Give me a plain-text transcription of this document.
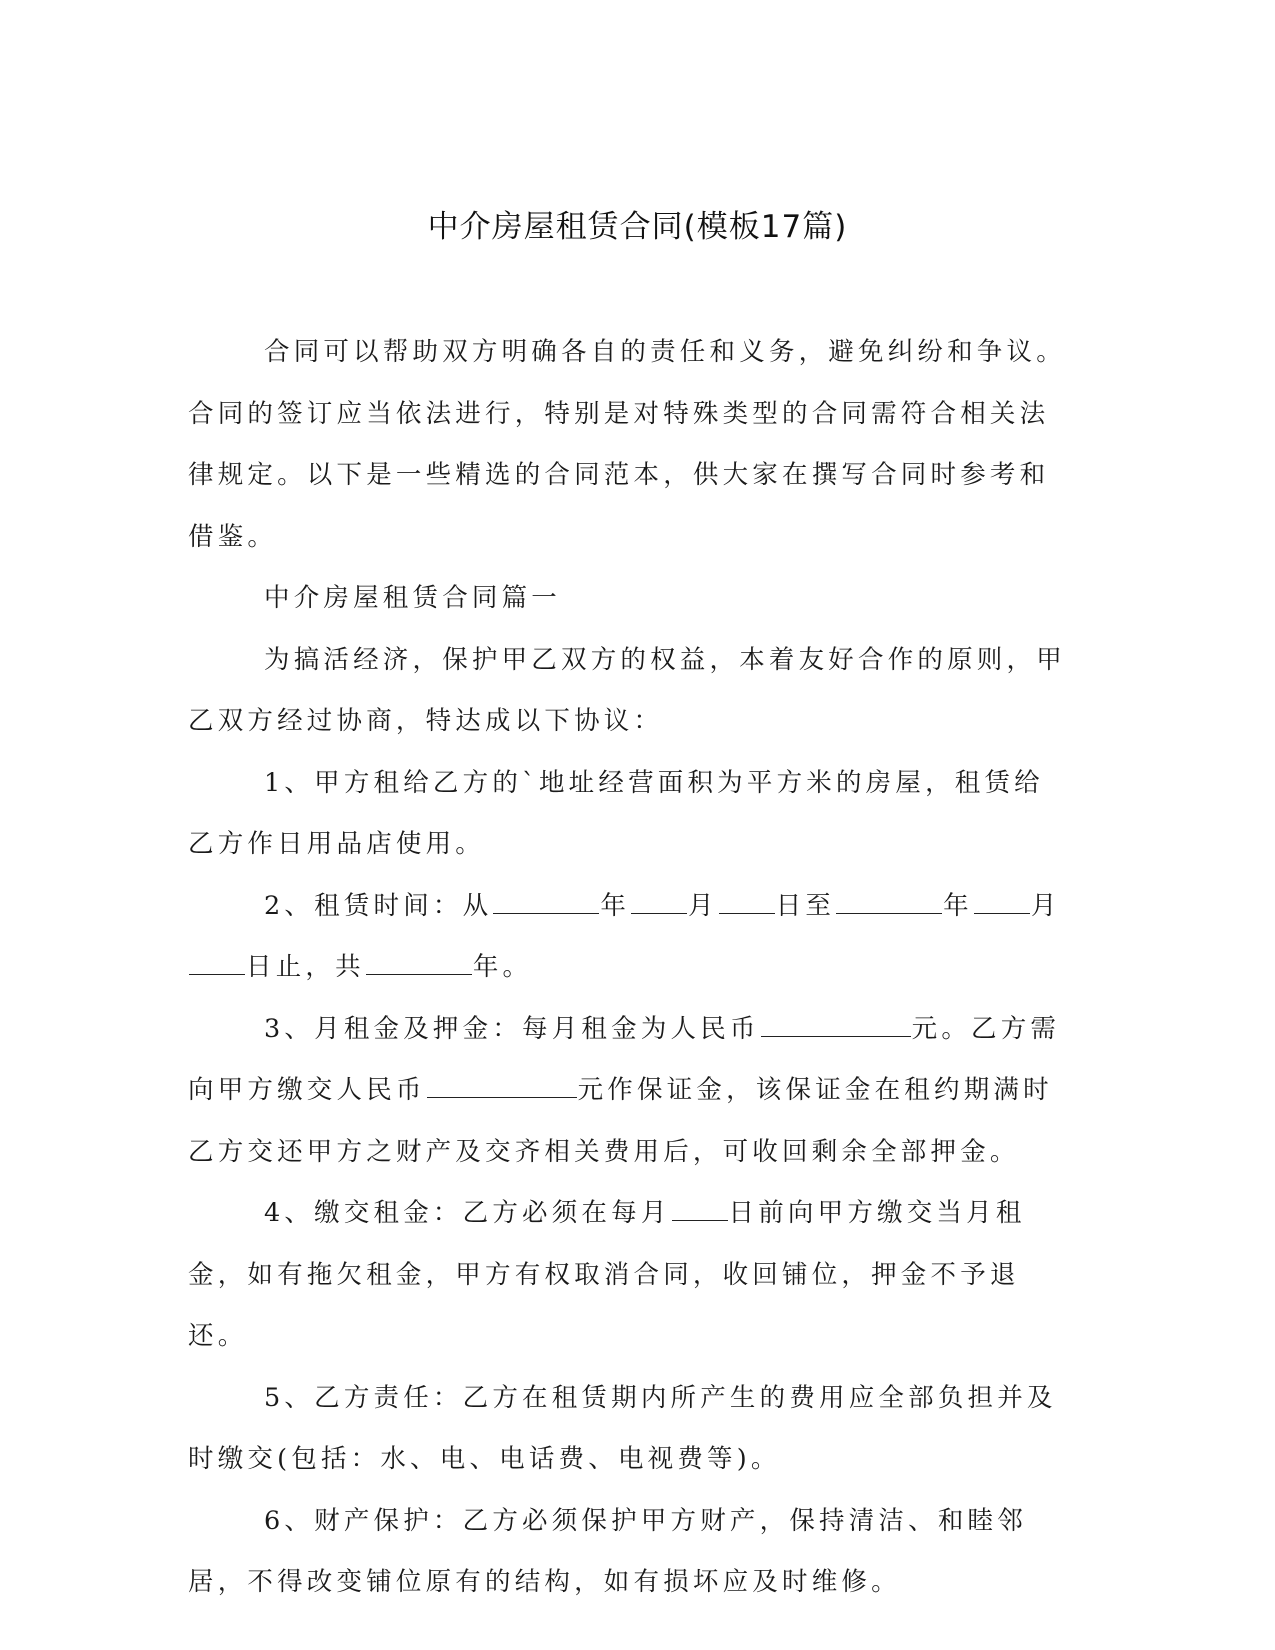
中介房屋租赁合同(模板17篇)

合同可以帮助双方明确各自的责任和义务，避免纠纷和争议。合同的签订应当依法进行，特别是对特殊类型的合同需符合相关法律规定。以下是一些精选的合同范本，供大家在撰写合同时参考和借鉴。

中介房屋租赁合同篇一

为搞活经济，保护甲乙双方的权益，本着友好合作的原则，甲乙双方经过协商，特达成以下协议：

1、甲方租给乙方的`地址经营面积为平方米的房屋，租赁给乙方作日用品店使用。

2、租赁时间：从	年 月 日至	年 月日止，共	年。

3、月租金及押金：每月租金为人民币	元。乙方需向甲方缴交人民币	元作保证金，该保证金在租约期满时乙方交还甲方之财产及交齐相关费用后，可收回剩余全部押金。

4、缴交租金：乙方必须在每月 日前向甲方缴交当月租金，如有拖欠租金，甲方有权取消合同，收回铺位，押金不予退还。

5、乙方责任：乙方在租赁期内所产生的费用应全部负担并及时缴交(包括：水、电、电话费、电视费等)。

6、财产保护：乙方必须保护甲方财产，保持清洁、和睦邻居，不得改变铺位原有的结构，如有损坏应及时维修。
